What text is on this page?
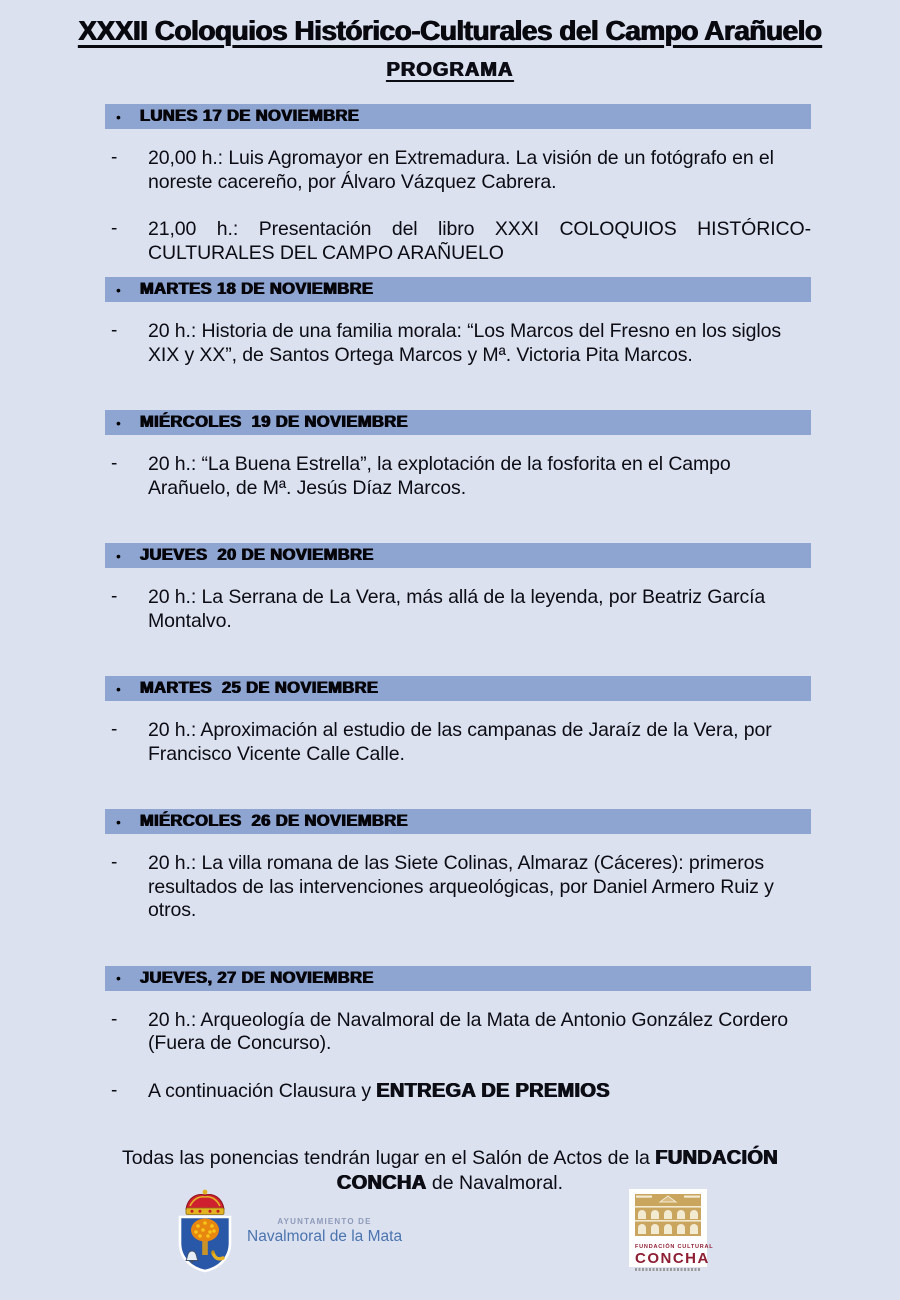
XXXII Coloquios Histórico-Culturales del Campo Arañuelo
PROGRAMA
•	LUNES 17 DE NOVIEMBRE
-	20,00 h.: Luis Agromayor en Extremadura. La visión de un fotógrafo en el noreste cacereño, por Álvaro Vázquez Cabrera.
-	21,00 h.: Presentación del libro XXXI COLOQUIOS HISTÓRICO-CULTURALES DEL CAMPO ARAÑUELO
•	MARTES 18 DE NOVIEMBRE
-	20 h.: Historia de una familia morala: “Los Marcos del Fresno en los siglos XIX y XX”, de Santos Ortega Marcos y Mª. Victoria Pita Marcos.
•	MIÉRCOLES  19 DE NOVIEMBRE
-	20 h.: “La Buena Estrella”, la explotación de la fosforita en el Campo Arañuelo, de Mª. Jesús Díaz Marcos.
•	JUEVES  20 DE NOVIEMBRE
-	20 h.: La Serrana de La Vera, más allá de la leyenda, por Beatriz García Montalvo.
•	MARTES  25 DE NOVIEMBRE
-	20 h.: Aproximación al estudio de las campanas de Jaraíz de la Vera, por Francisco Vicente Calle Calle.
•	MIÉRCOLES  26 DE NOVIEMBRE
-	20 h.: La villa romana de las Siete Colinas, Almaraz (Cáceres): primeros resultados de las intervenciones arqueológicas, por Daniel Armero Ruiz y otros.
•	JUEVES, 27 DE NOVIEMBRE
-	20 h.: Arqueología de Navalmoral de la Mata de Antonio González Cordero (Fuera de Concurso).
-	A continuación Clausura y ENTREGA DE PREMIOS
Todas las ponencias tendrán lugar en el Salón de Actos de la FUNDACIÓN CONCHA de Navalmoral.
AYUNTAMIENTO DE
Navalmoral de la Mata
FUNDACIÓN CULTURAL
CONCHA
